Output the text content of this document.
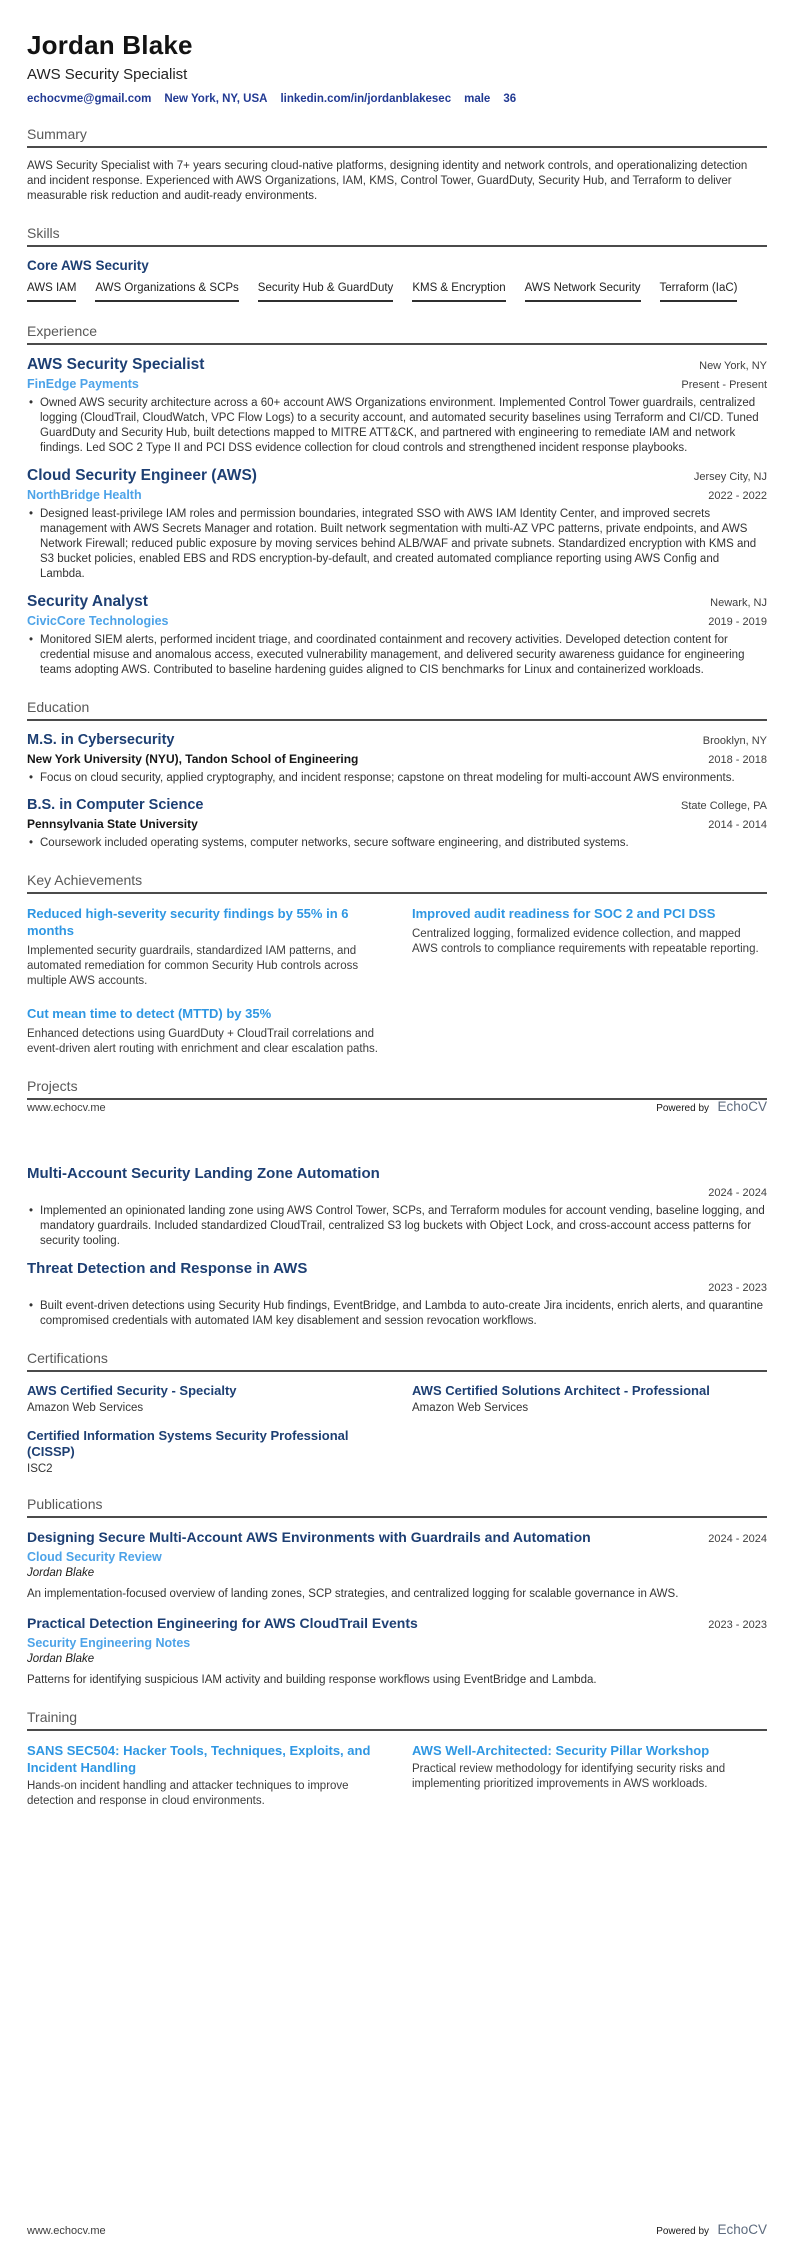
Jordan Blake
AWS Security Specialist
echocvme@gmail.com New York, NY, USA linkedin.com/in/jordanblakesec male 36
Summary

AWS Security Specialist with 7+ years securing cloud-native platforms, designing identity and network controls, and operationalizing detection and incident response. Experienced with AWS Organizations, IAM, KMS, Control Tower, GuardDuty, Security Hub, and Terraform to deliver measurable risk reduction and audit-ready environments.

Skills
Core AWS Security
AWS IAM AWS Organizations & SCPs Security Hub & GuardDuty KMS & Encryption AWS Network Security Terraform (IaC)
Experience
AWS Security Specialist	New York, NY
FinEdge Payments	Present - Present
• Owned AWS security architecture across a 60+ account AWS Organizations environment. Implemented Control Tower guardrails, centralized logging (CloudTrail, CloudWatch, VPC Flow Logs) to a security account, and automated security baselines using Terraform and CI/CD. Tuned GuardDuty and Security Hub, built detections mapped to MITRE ATT&CK, and partnered with engineering to remediate IAM and network findings. Led SOC 2 Type II and PCI DSS evidence collection for cloud controls and strengthened incident response playbooks.
Cloud Security Engineer (AWS)	Jersey City, NJ
NorthBridge Health	2022 - 2022
• Designed least-privilege IAM roles and permission boundaries, integrated SSO with AWS IAM Identity Center, and improved secrets management with AWS Secrets Manager and rotation. Built network segmentation with multi-AZ VPC patterns, private endpoints, and AWS Network Firewall; reduced public exposure by moving services behind ALB/WAF and private subnets. Standardized encryption with KMS and S3 bucket policies, enabled EBS and RDS encryption-by-default, and created automated compliance reporting using AWS Config and Lambda.
Security Analyst	Newark, NJ
CivicCore Technologies	2019 - 2019
• Monitored SIEM alerts, performed incident triage, and coordinated containment and recovery activities. Developed detection content for credential misuse and anomalous access, executed vulnerability management, and delivered security awareness guidance for engineering teams adopting AWS. Contributed to baseline hardening guides aligned to CIS benchmarks for Linux and containerized workloads.
Education
M.S. in Cybersecurity	Brooklyn, NY
New York University (NYU), Tandon School of Engineering	2018 - 2018
• Focus on cloud security, applied cryptography, and incident response; capstone on threat modeling for multi-account AWS environments.
B.S. in Computer Science	State College, PA
Pennsylvania State University	2014 - 2014
• Coursework included operating systems, computer networks, secure software engineering, and distributed systems.
Key Achievements
Reduced high-severity security findings by 55% in 6 months
Implemented security guardrails, standardized IAM patterns, and automated remediation for common Security Hub controls across multiple AWS accounts.
Improved audit readiness for SOC 2 and PCI DSS
Centralized logging, formalized evidence collection, and mapped AWS controls to compliance requirements with repeatable reporting.
Cut mean time to detect (MTTD) by 35%
Enhanced detections using GuardDuty + CloudTrail correlations and event-driven alert routing with enrichment and clear escalation paths.
Projects
www.echocv.me	Powered by EchoCV
Multi-Account Security Landing Zone Automation
2024 - 2024
• Implemented an opinionated landing zone using AWS Control Tower, SCPs, and Terraform modules for account vending, baseline logging, and mandatory guardrails. Included standardized CloudTrail, centralized S3 log buckets with Object Lock, and cross-account access patterns for security tooling.
Threat Detection and Response in AWS
2023 - 2023
• Built event-driven detections using Security Hub findings, EventBridge, and Lambda to auto-create Jira incidents, enrich alerts, and quarantine compromised credentials with automated IAM key disablement and session revocation workflows.
Certifications
AWS Certified Security - Specialty
Amazon Web Services
AWS Certified Solutions Architect - Professional
Amazon Web Services
Certified Information Systems Security Professional (CISSP)
ISC2
Publications
Designing Secure Multi-Account AWS Environments with Guardrails and Automation	2024 - 2024
Cloud Security Review
Jordan Blake
An implementation-focused overview of landing zones, SCP strategies, and centralized logging for scalable governance in AWS.
Practical Detection Engineering for AWS CloudTrail Events	2023 - 2023
Security Engineering Notes
Jordan Blake
Patterns for identifying suspicious IAM activity and building response workflows using EventBridge and Lambda.
Training
SANS SEC504: Hacker Tools, Techniques, Exploits, and Incident Handling
Hands-on incident handling and attacker techniques to improve detection and response in cloud environments.
AWS Well-Architected: Security Pillar Workshop
Practical review methodology for identifying security risks and implementing prioritized improvements in AWS workloads.
www.echocv.me	Powered by EchoCV
